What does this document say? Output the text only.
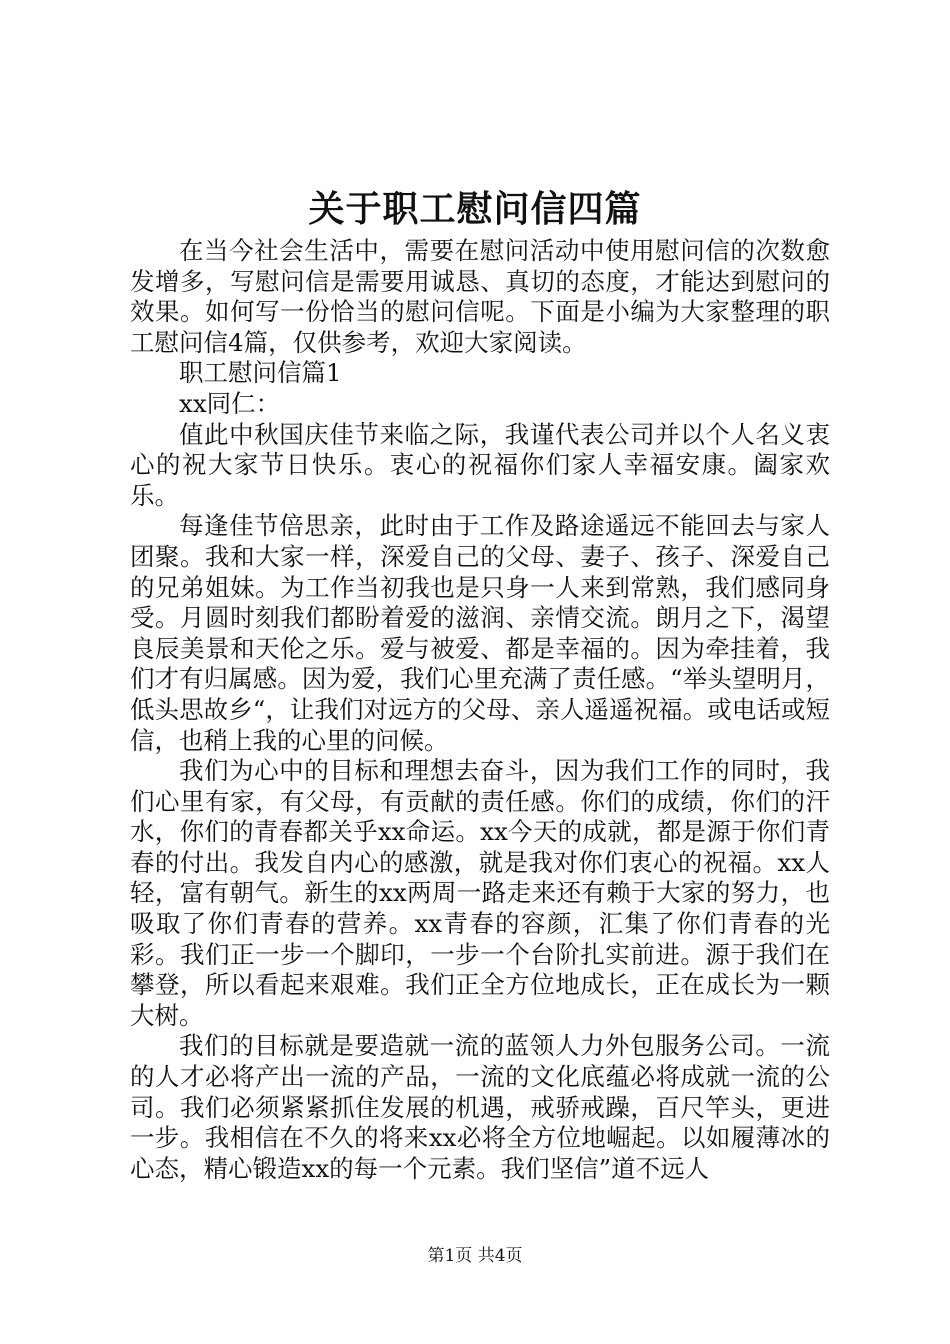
关于职工慰问信四篇

在当今社会生活中，需要在慰问活动中使用慰问信的次数愈发增多，写慰问信是需要用诚恳、真切的态度，才能达到慰问的效果。如何写一份恰当的慰问信呢。下面是小编为大家整理的职工慰问信4篇，仅供参考，欢迎大家阅读。

职工慰问信篇1

xx同仁：

值此中秋国庆佳节来临之际，我谨代表公司并以个人名义衷心的祝大家节日快乐。衷心的祝福你们家人幸福安康。阖家欢乐。

每逢佳节倍思亲，此时由于工作及路途遥远不能回去与家人团聚。我和大家一样，深爱自己的父母、妻子、孩子、深爱自己的兄弟姐妹。为工作当初我也是只身一人来到常熟，我们感同身受。月圆时刻我们都盼着爱的滋润、亲情交流。朗月之下，渴望良辰美景和天伦之乐。爱与被爱、都是幸福的。因为牵挂着，我们才有归属感。因为爱，我们心里充满了责任感。“举头望明月，低头思故乡“，让我们对远方的父母、亲人遥遥祝福。或电话或短信，也稍上我的心里的问候。

我们为心中的目标和理想去奋斗，因为我们工作的同时，我们心里有家，有父母，有贡献的责任感。你们的成绩，你们的汗水，你们的青春都关乎xx命运。xx今天的成就，都是源于你们青春的付出。我发自内心的感激，就是我对你们衷心的祝福。xx人轻，富有朝气。新生的xx两周一路走来还有赖于大家的努力，也吸取了你们青春的营养。xx青春的容颜，汇集了你们青春的光彩。我们正一步一个脚印，一步一个台阶扎实前进。源于我们在攀登，所以看起来艰难。我们正全方位地成长，正在成长为一颗大树。

我们的目标就是要造就一流的蓝领人力外包服务公司。一流的人才必将产出一流的产品，一流的文化底蕴必将成就一流的公司。我们必须紧紧抓住发展的机遇，戒骄戒躁，百尺竿头，更进一步。我相信在不久的将来xx必将全方位地崛起。以如履薄冰的心态，精心锻造xx的每一个元素。我们坚信”道不远人

第1页 共4页
